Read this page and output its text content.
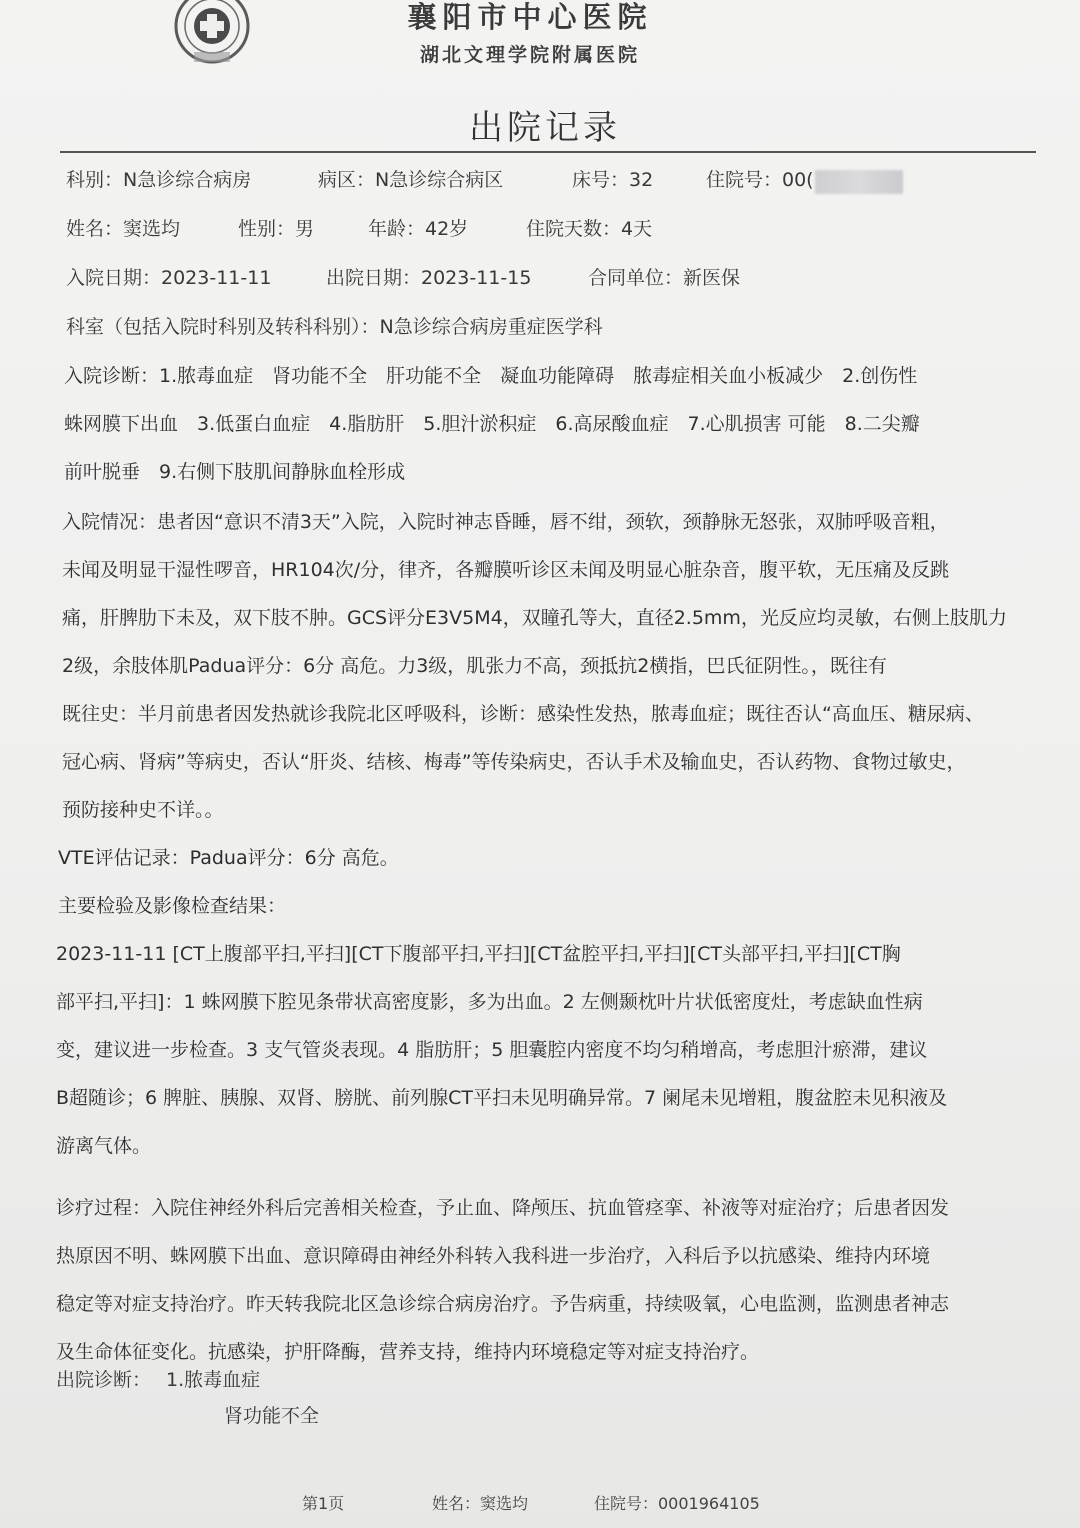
襄阳市中心医院
湖北文理学院附属医院
出院记录
科别：N急诊综合病房	病区：N急诊综合病区	床号：32	住院号：00(
姓名：窦选均	性别：男	年龄：42岁	住院天数：4天
入院日期：2023-11-11	出院日期：2023-11-15	合同单位：新医保
科室（包括入院时科别及转科科别）：N急诊综合病房重症医学科
入院诊断：1.脓毒血症　肾功能不全　肝功能不全　凝血功能障碍　脓毒症相关血小板减少　2.创伤性
蛛网膜下出血　3.低蛋白血症　4.脂肪肝　5.胆汁淤积症　6.高尿酸血症　7.心肌损害 可能　8.二尖瓣
前叶脱垂　9.右侧下肢肌间静脉血栓形成
入院情况：患者因“意识不清3天”入院，入院时神志昏睡，唇不绀，颈软，颈静脉无怒张，双肺呼吸音粗，
未闻及明显干湿性啰音，HR104次/分，律齐，各瓣膜听诊区未闻及明显心脏杂音，腹平软，无压痛及反跳
痛，肝脾肋下未及，双下肢不肿。GCS评分E3V5M4，双瞳孔等大，直径2.5mm，光反应均灵敏，右侧上肢肌力
2级，余肢体肌Padua评分：6分 高危。力3级，肌张力不高，颈抵抗2横指，巴氏征阴性。，既往有
既往史：半月前患者因发热就诊我院北区呼吸科，诊断：感染性发热，脓毒血症；既往否认“高血压、糖尿病、
冠心病、肾病”等病史，否认“肝炎、结核、梅毒”等传染病史，否认手术及输血史，否认药物、食物过敏史，
预防接种史不详。。
VTE评估记录：Padua评分：6分 高危。
主要检验及影像检查结果：
2023-11-11 [CT上腹部平扫,平扫][CT下腹部平扫,平扫][CT盆腔平扫,平扫][CT头部平扫,平扫][CT胸
部平扫,平扫]：1 蛛网膜下腔见条带状高密度影，多为出血。2 左侧颞枕叶片状低密度灶，考虑缺血性病
变，建议进一步检查。3 支气管炎表现。4 脂肪肝；5 胆囊腔内密度不均匀稍增高，考虑胆汁瘀滞，建议
B超随诊；6 脾脏、胰腺、双肾、膀胱、前列腺CT平扫未见明确异常。7 阑尾未见增粗，腹盆腔未见积液及
游离气体。
诊疗过程：入院住神经外科后完善相关检查，予止血、降颅压、抗血管痉挛、补液等对症治疗；后患者因发
热原因不明、蛛网膜下出血、意识障碍由神经外科转入我科进一步治疗，入科后予以抗感染、维持内环境
稳定等对症支持治疗。昨天转我院北区急诊综合病房治疗。予告病重，持续吸氧，心电监测，监测患者神志
及生命体征变化。抗感染，护肝降酶，营养支持，维持内环境稳定等对症支持治疗。
出院诊断： 1.脓毒血症
肾功能不全
第1页	姓名：窦选均	住院号：0001964105
